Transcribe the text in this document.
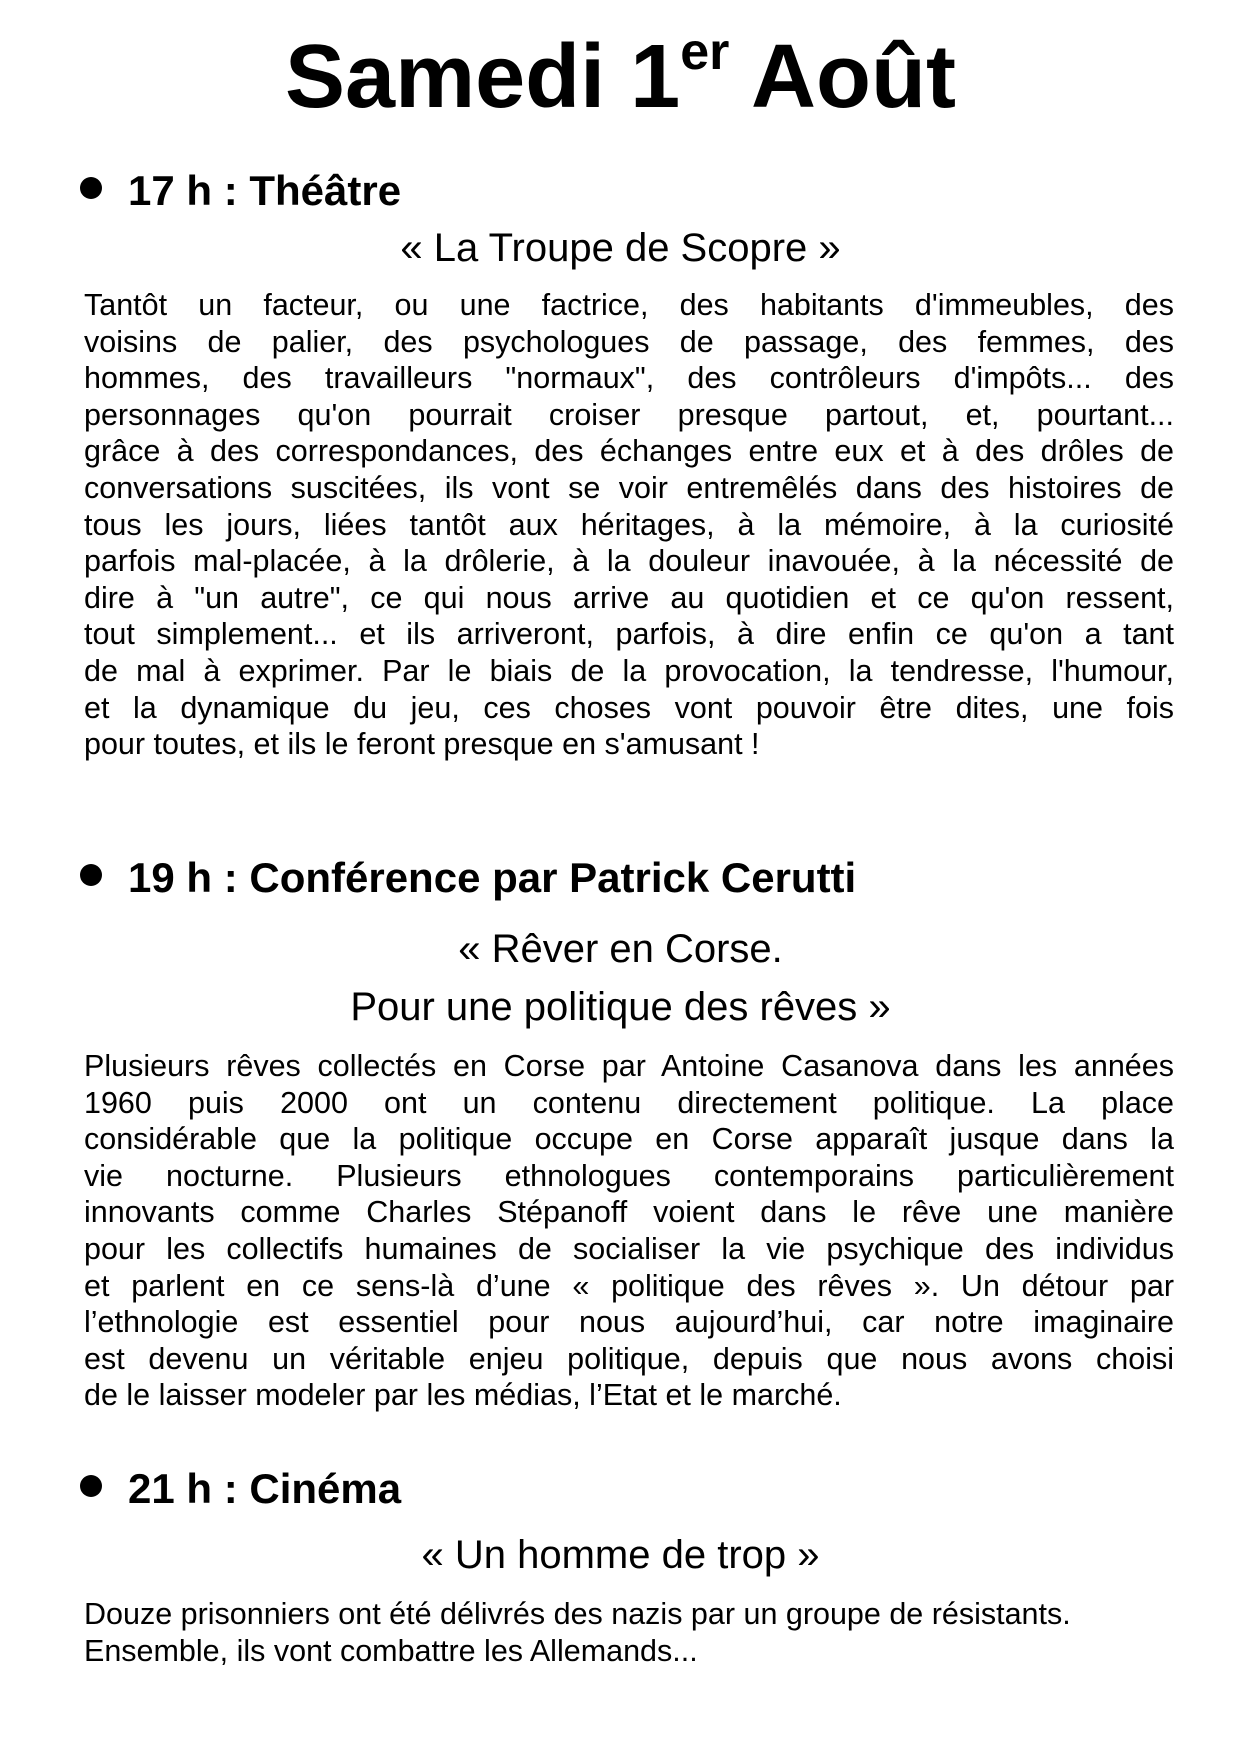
Samedi 1er Août
17 h : Théâtre
« La Troupe de Scopre »
Tantôt un facteur, ou une factrice, des habitants d'immeubles, des
voisins de palier, des psychologues de passage, des femmes, des
hommes, des travailleurs "normaux", des contrôleurs d'impôts... des
personnages qu'on pourrait croiser presque partout, et, pourtant...
grâce à des correspondances, des échanges entre eux et à des drôles de
conversations suscitées, ils vont se voir entremêlés dans des histoires de
tous les jours, liées tantôt aux héritages, à la mémoire, à la curiosité
parfois mal-placée, à la drôlerie, à la douleur inavouée, à la nécessité de
dire à "un autre", ce qui nous arrive au quotidien et ce qu'on ressent,
tout simplement... et ils arriveront, parfois, à dire enfin ce qu'on a tant
de mal à exprimer. Par le biais de la provocation, la tendresse, l'humour,
et la dynamique du jeu, ces choses vont pouvoir être dites, une fois
pour toutes, et ils le feront presque en s'amusant !
19 h : Conférence par Patrick Cerutti
« Rêver en Corse.
Pour une politique des rêves »
Plusieurs rêves collectés en Corse par Antoine Casanova dans les années
1960 puis 2000 ont un contenu directement politique. La place
considérable que la politique occupe en Corse apparaît jusque dans la
vie nocturne. Plusieurs ethnologues contemporains particulièrement
innovants comme Charles Stépanoff voient dans le rêve une manière
pour les collectifs humaines de socialiser la vie psychique des individus
et parlent en ce sens-là d’une « politique des rêves ». Un détour par
l’ethnologie est essentiel pour nous aujourd’hui, car notre imaginaire
est devenu un véritable enjeu politique, depuis que nous avons choisi
de le laisser modeler par les médias, l’Etat et le marché.
21 h : Cinéma
« Un homme de trop »
Douze prisonniers ont été délivrés des nazis par un groupe de résistants.
Ensemble, ils vont combattre les Allemands...
